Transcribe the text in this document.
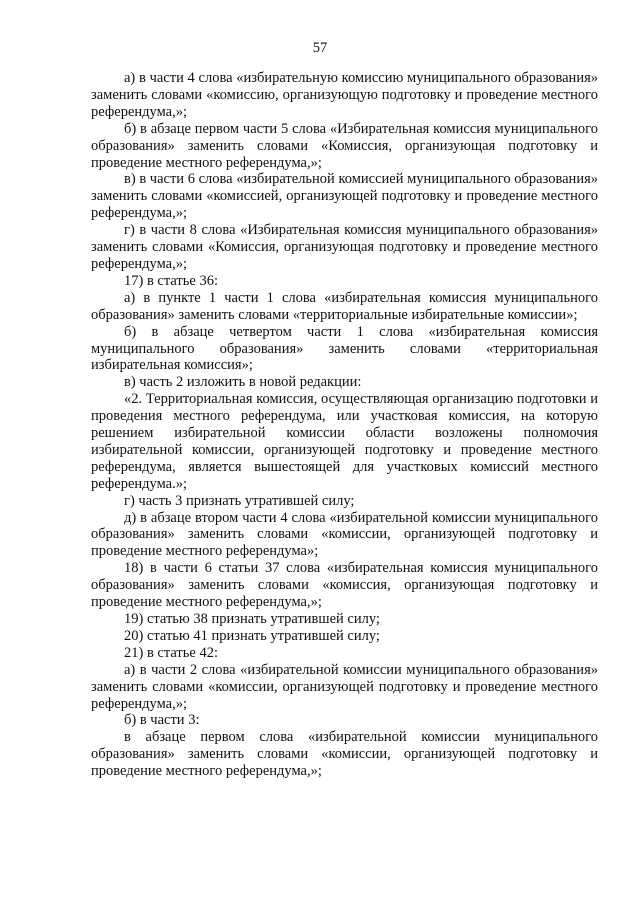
57

а) в части 4 слова «избирательную комиссию муниципального образования» заменить словами «комиссию, организующую подготовку и проведение местного референдума,»;

б) в абзаце первом части 5 слова «Избирательная комиссия муниципального образования» заменить словами «Комиссия, организующая подготовку и проведение местного референдума,»;

в) в части 6 слова «избирательной комиссией муниципального образования» заменить словами «комиссией, организующей подготовку и проведение местного референдума,»;

г) в части 8 слова «Избирательная комиссия муниципального образования» заменить словами «Комиссия, организующая подготовку и проведение местного референдума,»;

17) в статье 36:

а) в пункте 1 части 1 слова «избирательная комиссия муниципального образования» заменить словами «территориальные избирательные комиссии»;

б) в абзаце четвертом части 1 слова «избирательная комиссия муниципального образования» заменить словами «территориальная избирательная комиссия»;

в) часть 2 изложить в новой редакции:

«2. Территориальная комиссия, осуществляющая организацию подготовки и проведения местного референдума, или участковая комиссия, на которую решением избирательной комиссии области возложены полномочия избирательной комиссии, организующей подготовку и проведение местного референдума, является вышестоящей для участковых комиссий местного референдума.»;

г) часть 3 признать утратившей силу;

д) в абзаце втором части 4 слова «избирательной комиссии муниципального образования» заменить словами «комиссии, организующей подготовку и проведение местного референдума»;

18) в части 6 статьи 37 слова «избирательная комиссия муниципального образования» заменить словами «комиссия, организующая подготовку и проведение местного референдума,»;

19) статью 38 признать утратившей силу;

20) статью 41 признать утратившей силу;

21) в статье 42:

а) в части 2 слова «избирательной комиссии муниципального образования» заменить словами «комиссии, организующей подготовку и проведение местного референдума,»;

б) в части 3:

в абзаце первом слова «избирательной комиссии муниципального образования» заменить словами «комиссии, организующей подготовку и проведение местного референдума,»;
